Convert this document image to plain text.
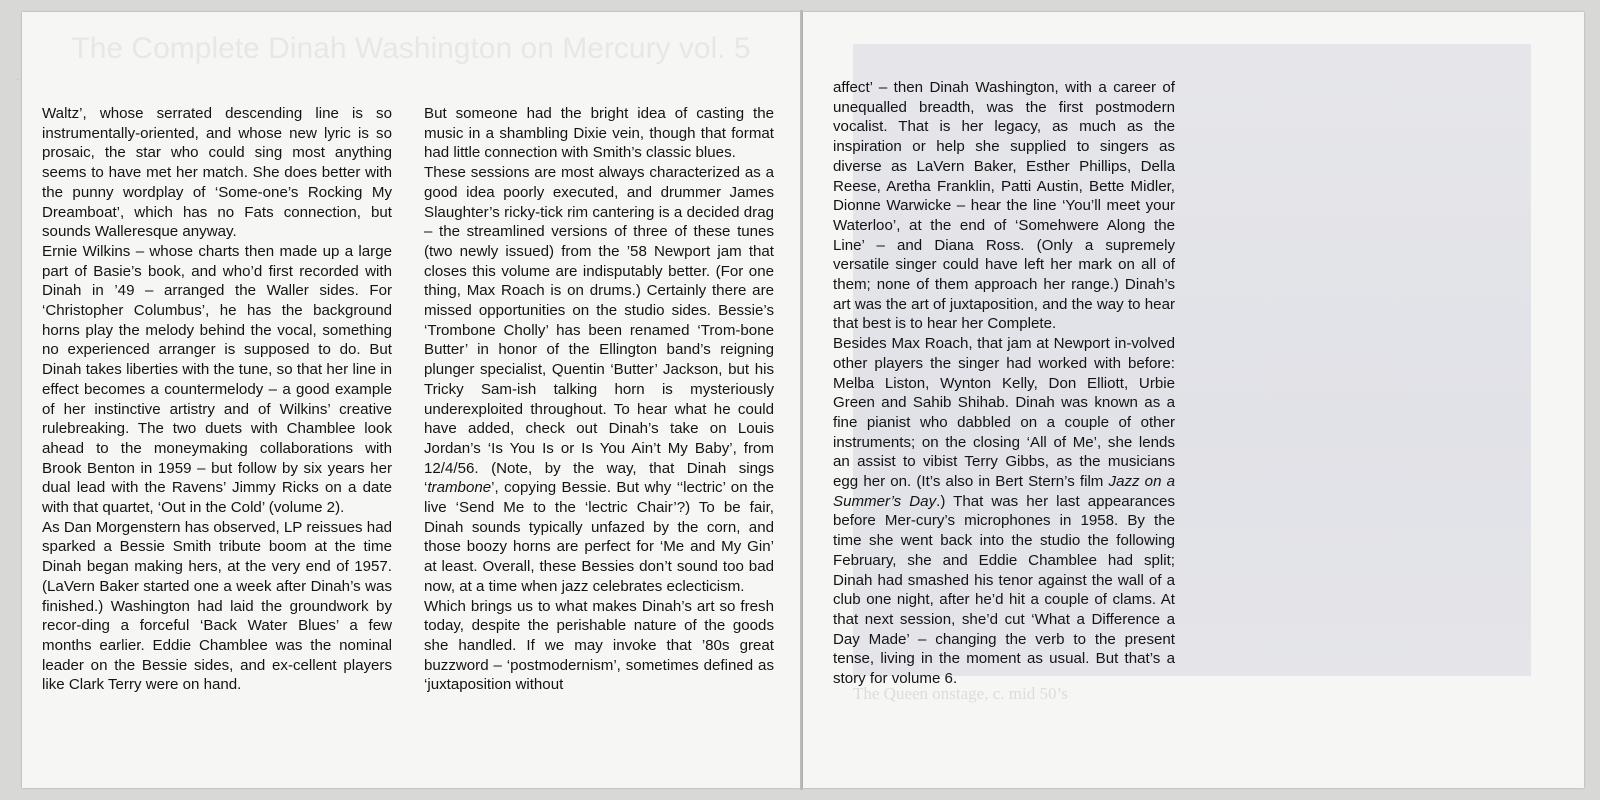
The Complete Dinah Washington on Mercury vol. 5
·

Waltz’, whose serrated descending line is so instrumentally-oriented, and whose new lyric is so prosaic, the star who could sing most anything seems to have met her match. She does better with the punny wordplay of ‘Some-one’s Rocking My Dreamboat’, which has no Fats connection, but sounds Walleresque anyway.

Ernie Wilkins – whose charts then made up a large part of Basie’s book, and who’d first recorded with Dinah in ’49 – arranged the Waller sides. For ‘Christopher Columbus’, he has the background horns play the melody behind the vocal, something no experienced arranger is supposed to do. But Dinah takes liberties with the tune, so that her line in effect becomes a countermelody – a good example of her instinctive artistry and of Wilkins’ creative rulebreaking. The two duets with Chamblee look ahead to the moneymaking collaborations with Brook Benton in 1959 – but follow by six years her dual lead with the Ravens’ Jimmy Ricks on a date with that quartet, ‘Out in the Cold’ (volume 2).

As Dan Morgenstern has observed, LP reissues had sparked a Bessie Smith tribute boom at the time Dinah began making hers, at the very end of 1957. (LaVern Baker started one a week after Dinah’s was finished.) Washington had laid the groundwork by recor-ding a forceful ‘Back Water Blues’ a few months earlier. Eddie Chamblee was the nominal leader on the Bessie sides, and ex-cellent players like Clark Terry were on hand.

But someone had the bright idea of casting the music in a shambling Dixie vein, though that format had little connection with Smith’s classic blues.

These sessions are most always characterized as a good idea poorly executed, and drummer James Slaughter’s ricky-tick rim cantering is a decided drag – the streamlined versions of three of these tunes (two newly issued) from the ’58 Newport jam that closes this volume are indisputably better. (For one thing, Max Roach is on drums.) Certainly there are missed opportunities on the studio sides. Bessie’s ‘Trombone Cholly’ has been renamed ‘Trom-bone Butter’ in honor of the Ellington band’s reigning plunger specialist, Quentin ‘Butter’ Jackson, but his Tricky Sam-ish talking horn is mysteriously underexploited throughout. To hear what he could have added, check out Dinah’s take on Louis Jordan’s ‘Is You Is or Is You Ain’t My Baby’, from 12/4/56. (Note, by the way, that Dinah sings ‘trambone’, copying Bessie. But why ‘‘lectric’ on the live ‘Send Me to the ‘lectric Chair’?) To be fair, Dinah sounds typically unfazed by the corn, and those boozy horns are perfect for ‘Me and My Gin’ at least. Overall, these Bessies don’t sound too bad now, at a time when jazz celebrates eclecticism.

Which brings us to what makes Dinah’s art so fresh today, despite the perishable nature of the goods she handled. If we may invoke that ’80s great buzzword – ‘postmodernism’, sometimes defined as ‘juxtaposition without	The Queen onstage, c. mid 50’s

affect’ – then Dinah Washington, with a career of unequalled breadth, was the first postmodern vocalist. That is her legacy, as much as the inspiration or help she supplied to singers as diverse as LaVern Baker, Esther Phillips, Della Reese, Aretha Franklin, Patti Austin, Bette Midler, Dionne Warwicke – hear the line ‘You’ll meet your Waterloo’, at the end of ‘Somehwere Along the Line’ – and Diana Ross. (Only a supremely versatile singer could have left her mark on all of them; none of them approach her range.) Dinah’s art was the art of juxtaposition, and the way to hear that best is to hear her Complete.

Besides Max Roach, that jam at Newport in-volved other players the singer had worked with before: Melba Liston, Wynton Kelly, Don Elliott, Urbie Green and Sahib Shihab. Dinah was known as a fine pianist who dabbled on a couple of other instruments; on the closing ‘All of Me’, she lends an assist to vibist Terry Gibbs, as the musicians egg her on. (It’s also in Bert Stern’s film Jazz on a Summer’s Day.) That was her last appearances before Mer-cury’s microphones in 1958. By the time she went back into the studio the following February, she and Eddie Chamblee had split; Dinah had smashed his tenor against the wall of a club one night, after he’d hit a couple of clams. At that next session, she’d cut ‘What a Difference a Day Made’ – changing the verb to the present tense, living in the moment as usual. But that’s a story for volume 6.
